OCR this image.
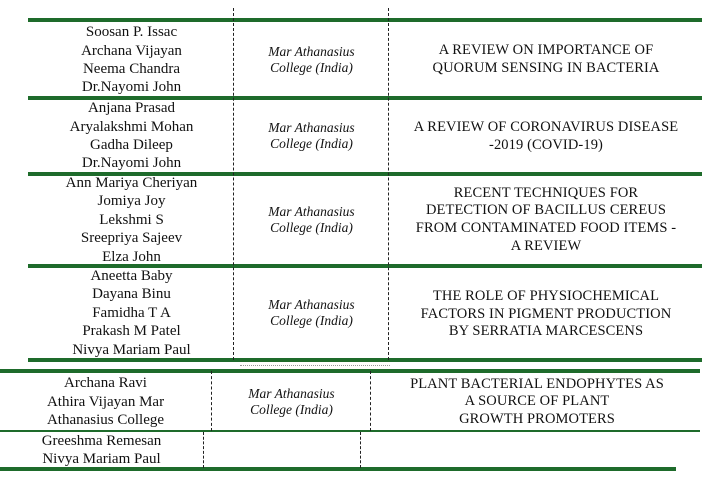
Soosan P. Issac
Archana Vijayan
Neema Chandra
Dr.Nayomi John
Mar Athanasius
College (India)
A REVIEW ON IMPORTANCE OF
QUORUM SENSING IN BACTERIA
Anjana Prasad
Aryalakshmi Mohan
Gadha Dileep
Dr.Nayomi John
Mar Athanasius
College (India)
A REVIEW OF CORONAVIRUS DISEASE
-2019 (COVID-19)
Ann Mariya Cheriyan
Jomiya Joy
Lekshmi S
Sreepriya Sajeev
Elza John
Mar Athanasius
College (India)
RECENT TECHNIQUES FOR
DETECTION OF BACILLUS CEREUS
FROM CONTAMINATED FOOD ITEMS -
A REVIEW
Aneetta Baby
Dayana Binu
Famidha T A
Prakash M Patel
Nivya Mariam Paul
Mar Athanasius
College (India)
THE ROLE OF PHYSIOCHEMICAL
FACTORS IN PIGMENT PRODUCTION
BY SERRATIA MARCESCENS
Archana Ravi
Athira Vijayan Mar
Athanasius College
Mar Athanasius
College (India)
PLANT BACTERIAL ENDOPHYTES AS
A SOURCE OF PLANT
GROWTH PROMOTERS
Greeshma Remesan
Nivya Mariam Paul
